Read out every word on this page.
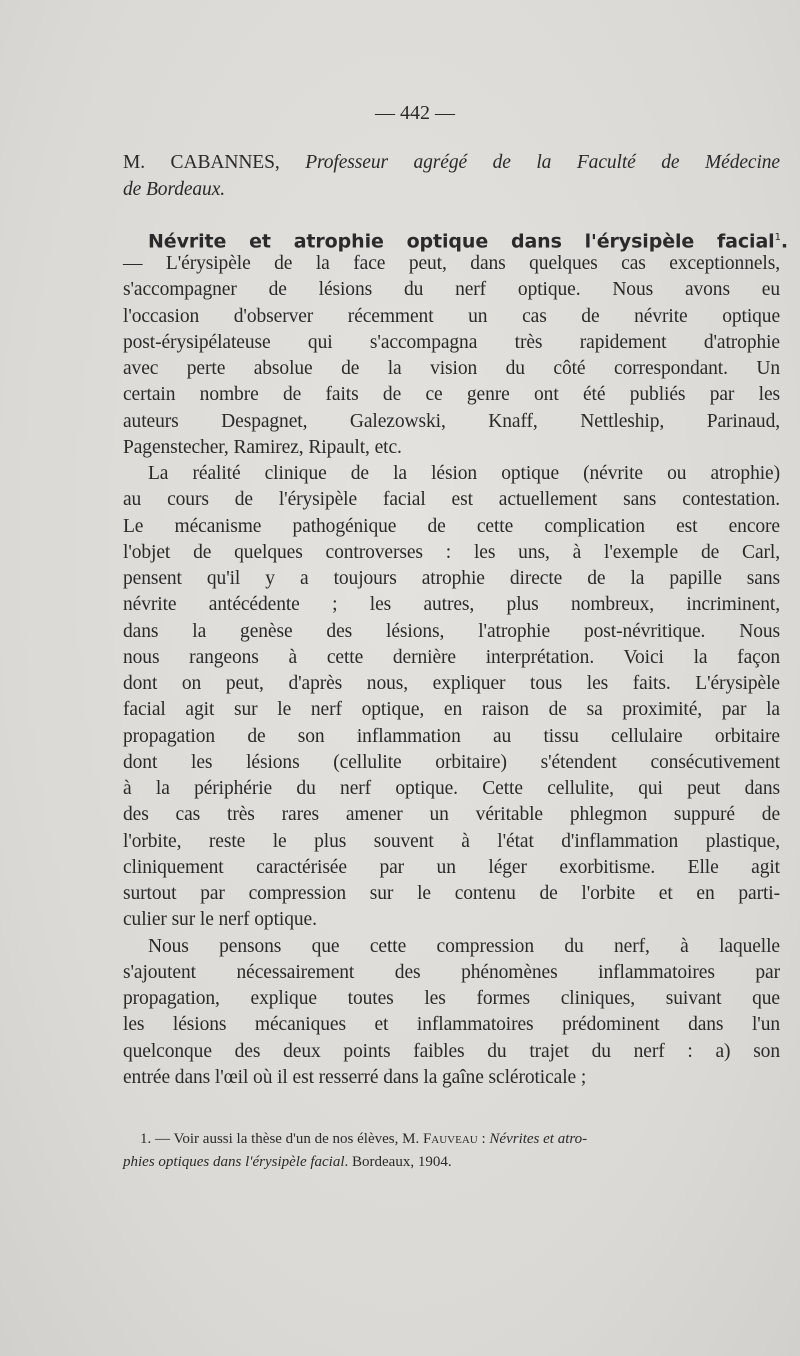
— 442 —
M. CABANNES, Professeur agrégé de la Faculté de Médecine
de Bordeaux.
Névrite et atrophie optique dans l'érysipèle facial$^1$.
— L'érysipèle de la face peut, dans quelques cas exceptionnels,
s'accompagner de lésions du nerf optique. Nous avons eu
l'occasion d'observer récemment un cas de névrite optique
post-érysipélateuse qui s'accompagna très rapidement d'atrophie
avec perte absolue de la vision du côté correspondant. Un
certain nombre de faits de ce genre ont été publiés par les
auteurs Despagnet, Galezowski, Knaff, Nettleship, Parinaud,
Pagenstecher, Ramirez, Ripault, etc.
La réalité clinique de la lésion optique (névrite ou atrophie)
au cours de l'érysipèle facial est actuellement sans contestation.
Le mécanisme pathogénique de cette complication est encore
l'objet de quelques controverses : les uns, à l'exemple de Carl,
pensent qu'il y a toujours atrophie directe de la papille sans
névrite antécédente ; les autres, plus nombreux, incriminent,
dans la genèse des lésions, l'atrophie post-névritique. Nous
nous rangeons à cette dernière interprétation. Voici la façon
dont on peut, d'après nous, expliquer tous les faits. L'érysipèle
facial agit sur le nerf optique, en raison de sa proximité, par la
propagation de son inflammation au tissu cellulaire orbitaire
dont les lésions (cellulite orbitaire) s'étendent consécutivement
à la périphérie du nerf optique. Cette cellulite, qui peut dans
des cas très rares amener un véritable phlegmon suppuré de
l'orbite, reste le plus souvent à l'état d'inflammation plastique,
cliniquement caractérisée par un léger exorbitisme. Elle agit
surtout par compression sur le contenu de l'orbite et en parti-
culier sur le nerf optique.
Nous pensons que cette compression du nerf, à laquelle
s'ajoutent nécessairement des phénomènes inflammatoires par
propagation, explique toutes les formes cliniques, suivant que
les lésions mécaniques et inflammatoires prédominent dans l'un
quelconque des deux points faibles du trajet du nerf : a) son
entrée dans l'œil où il est resserré dans la gaîne scléroticale ;
1. — Voir aussi la thèse d'un de nos élèves, M. Fauveau : Névrites et atro-
phies optiques dans l'érysipèle facial. Bordeaux, 1904.
